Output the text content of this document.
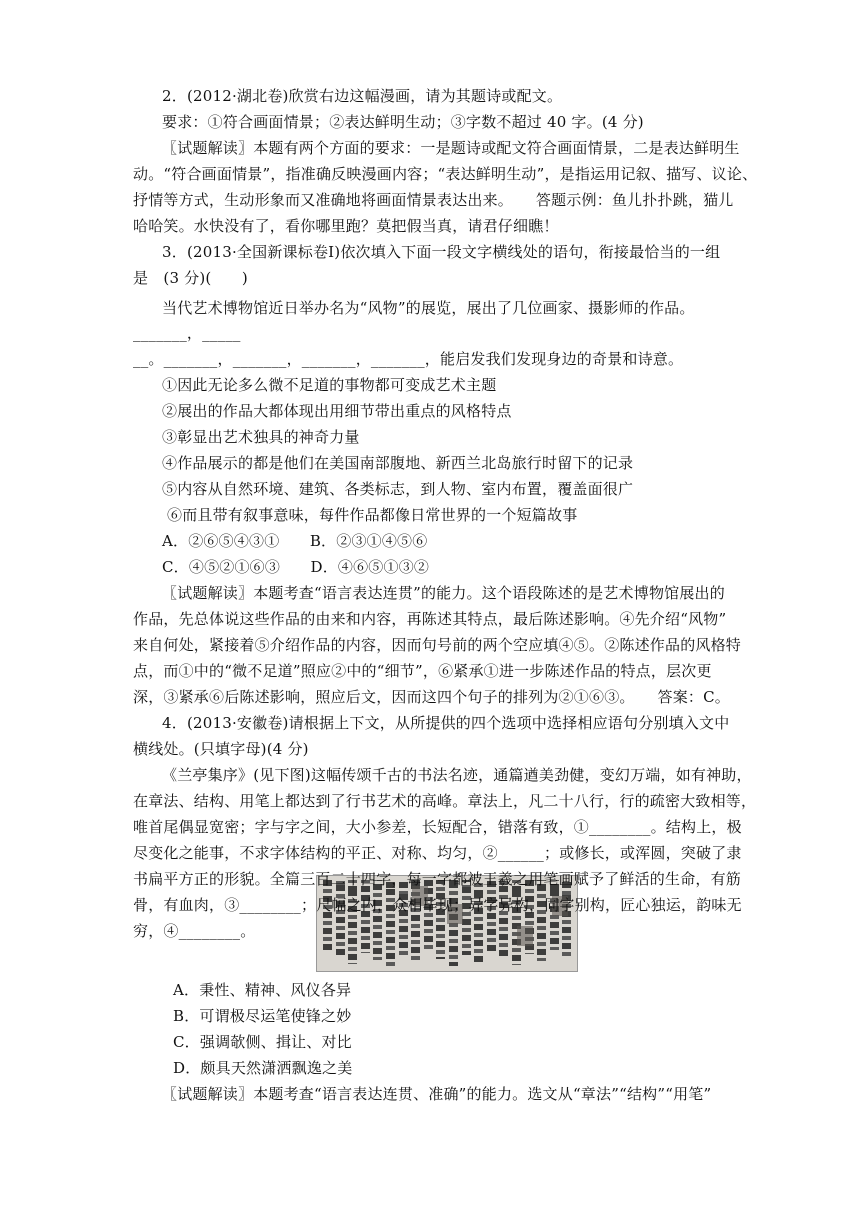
2．(2012·湖北卷)欣赏右边这幅漫画，请为其题诗或配文。
要求：①符合画面情景；②表达鲜明生动；③字数不超过 40 字。(4 分)
〖试题解读〗本题有两个方面的要求：一是题诗或配文符合画面情景，二是表达鲜明生
动。“符合画面情景”，指准确反映漫画内容；“表达鲜明生动”，是指运用记叙、描写、议论、
抒情等方式，生动形象而又准确地将画面情景表达出来。　　答题示例：鱼儿扑扑跳，猫儿
哈哈笑。水快没有了，看你哪里跑？莫把假当真，请君仔细瞧！
3．(2013·全国新课标卷Ⅰ)依次填入下面一段文字横线处的语句，衔接最恰当的一组
是　(3 分)(　　)
当代艺术博物馆近日举办名为“风物”的展览，展出了几位画家、摄影师的作品。
_______，_____
__。_______，_______，_______，_______，能启发我们发现身边的奇景和诗意。
①因此无论多么微不足道的事物都可变成艺术主题
②展出的作品大都体现出用细节带出重点的风格特点
③彰显出艺术独具的神奇力量
④作品展示的都是他们在美国南部腹地、新西兰北岛旅行时留下的记录
⑤内容从自然环境、建筑、各类标志，到人物、室内布置，覆盖面很广
⑥而且带有叙事意味，每件作品都像日常世界的一个短篇故事
A．②⑥⑤④③①　　B．②③①④⑤⑥
C．④⑤②①⑥③　　D．④⑥⑤①③②
〖试题解读〗本题考查“语言表达连贯”的能力。这个语段陈述的是艺术博物馆展出的
作品，先总体说这些作品的由来和内容，再陈述其特点，最后陈述影响。④先介绍“风物”
来自何处，紧接着⑤介绍作品的内容，因而句号前的两个空应填④⑤。②陈述作品的风格特
点，而①中的“微不足道”照应②中的“细节”，⑥紧承①进一步陈述作品的特点，层次更
深，③紧承⑥后陈述影响，照应后文，因而这四个句子的排列为②①⑥③。　　答案：C。
4．(2013·安徽卷)请根据上下文，从所提供的四个选项中选择相应语句分别填入文中
横线处。(只填字母)(4 分)
《兰亭集序》(见下图)这幅传颂千古的书法名迹，通篇遒美劲健，变幻万端，如有神助，
在章法、结构、用笔上都达到了行书艺术的高峰。章法上，凡二十八行，行的疏密大致相等，
唯首尾偶显宽密；字与字之间，大小参差，长短配合，错落有致，①________。结构上，极
尽变化之能事，不求字体结构的平正、对称、均匀，②______；或修长，或浑圆，突破了隶
书扁平方正的形貌。全篇三百二十四字，每一字都被王羲之用笔画赋予了鲜活的生命，有筋
骨，有血肉，③________；尺幅之内，众相毕现；异字异构，同字别构，匠心独运，韵味无
穷，④________。
A．秉性、精神、风仪各异
B．可谓极尽运笔使锋之妙
C．强调欹侧、揖让、对比
D．颇具天然潇洒飘逸之美
〖试题解读〗本题考查“语言表达连贯、准确”的能力。选文从“章法”“结构”“用笔”
